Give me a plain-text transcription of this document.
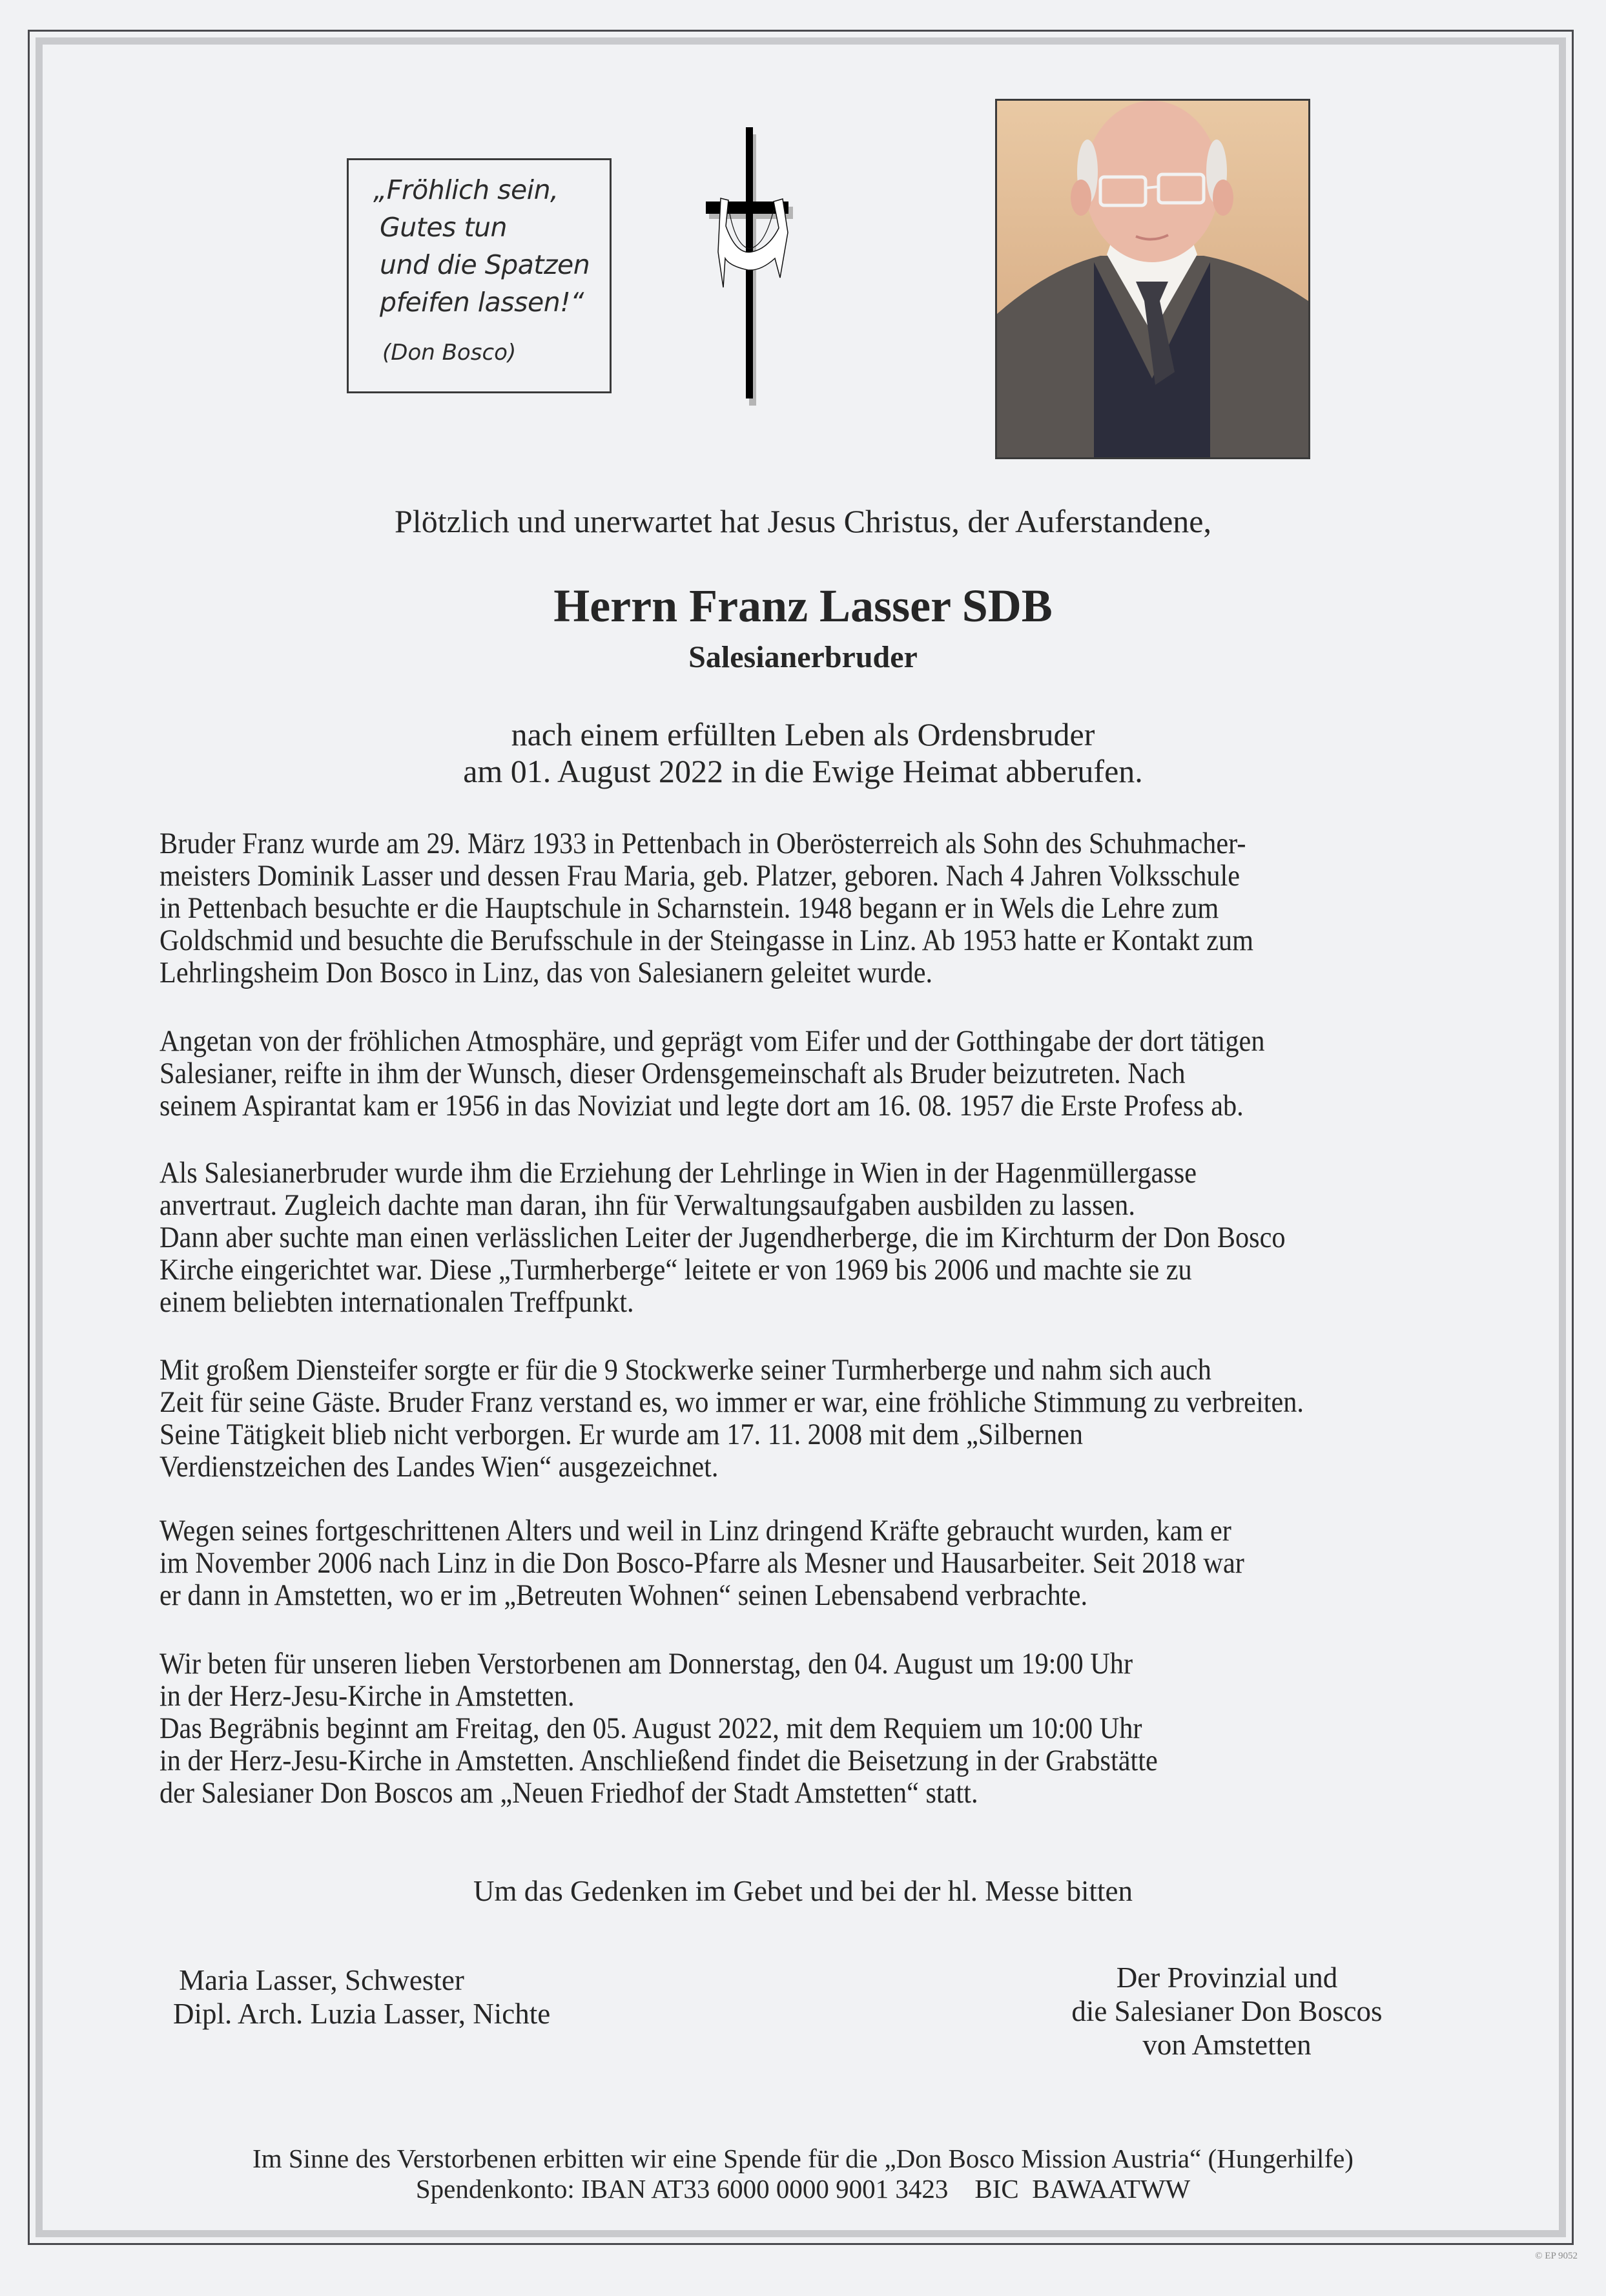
„Fröhlich sein,
Gutes tun
und die Spatzen
pfeifen lassen!“
(Don Bosco)
Plötzlich und unerwartet hat Jesus Christus, der Auferstandene,
Herrn Franz Lasser SDB
Salesianerbruder
nach einem erfüllten Leben als Ordensbruder
am 01. August 2022 in die Ewige Heimat abberufen.
Bruder Franz wurde am 29. März 1933 in Pettenbach in Oberösterreich als Sohn des Schuhmacher-
meisters Dominik Lasser und dessen Frau Maria, geb. Platzer, geboren. Nach 4 Jahren Volksschule
in Pettenbach besuchte er die Hauptschule in Scharnstein. 1948 begann er in Wels die Lehre zum
Goldschmid und besuchte die Berufsschule in der Steingasse in Linz. Ab 1953 hatte er Kontakt zum
Lehrlingsheim Don Bosco in Linz, das von Salesianern geleitet wurde.
Angetan von der fröhlichen Atmosphäre, und geprägt vom Eifer und der Gotthingabe der dort tätigen
Salesianer, reifte in ihm der Wunsch, dieser Ordensgemeinschaft als Bruder beizutreten. Nach
seinem Aspirantat kam er 1956 in das Noviziat und legte dort am 16. 08. 1957 die Erste Profess ab.
Als Salesianerbruder wurde ihm die Erziehung der Lehrlinge in Wien in der Hagenmüllergasse
anvertraut. Zugleich dachte man daran, ihn für Verwaltungsaufgaben ausbilden zu lassen.
Dann aber suchte man einen verlässlichen Leiter der Jugendherberge, die im Kirchturm der Don Bosco
Kirche eingerichtet war. Diese „Turmherberge“ leitete er von 1969 bis 2006 und machte sie zu
einem beliebten internationalen Treffpunkt.
Mit großem Diensteifer sorgte er für die 9 Stockwerke seiner Turmherberge und nahm sich auch
Zeit für seine Gäste. Bruder Franz verstand es, wo immer er war, eine fröhliche Stimmung zu verbreiten.
Seine Tätigkeit blieb nicht verborgen. Er wurde am 17. 11. 2008 mit dem „Silbernen
Verdienstzeichen des Landes Wien“ ausgezeichnet.
Wegen seines fortgeschrittenen Alters und weil in Linz dringend Kräfte gebraucht wurden, kam er
im November 2006 nach Linz in die Don Bosco-Pfarre als Mesner und Hausarbeiter. Seit 2018 war
er dann in Amstetten, wo er im „Betreuten Wohnen“ seinen Lebensabend verbrachte.
Wir beten für unseren lieben Verstorbenen am Donnerstag, den 04. August um 19:00 Uhr
in der Herz-Jesu-Kirche in Amstetten.
Das Begräbnis beginnt am Freitag, den 05. August 2022, mit dem Requiem um 10:00 Uhr
in der Herz-Jesu-Kirche in Amstetten. Anschließend findet die Beisetzung in der Grabstätte
der Salesianer Don Boscos am „Neuen Friedhof der Stadt Amstetten“ statt.
Um das Gedenken im Gebet und bei der hl. Messe bitten
Maria Lasser, Schwester
Dipl. Arch. Luzia Lasser, Nichte
Der Provinzial und
die Salesianer Don Boscos
von Amstetten
Im Sinne des Verstorbenen erbitten wir eine Spende für die „Don Bosco Mission Austria“ (Hungerhilfe)
Spendenkonto: IBAN AT33 6000 0000 9001 3423    BIC  BAWAATWW
© EP 9052
